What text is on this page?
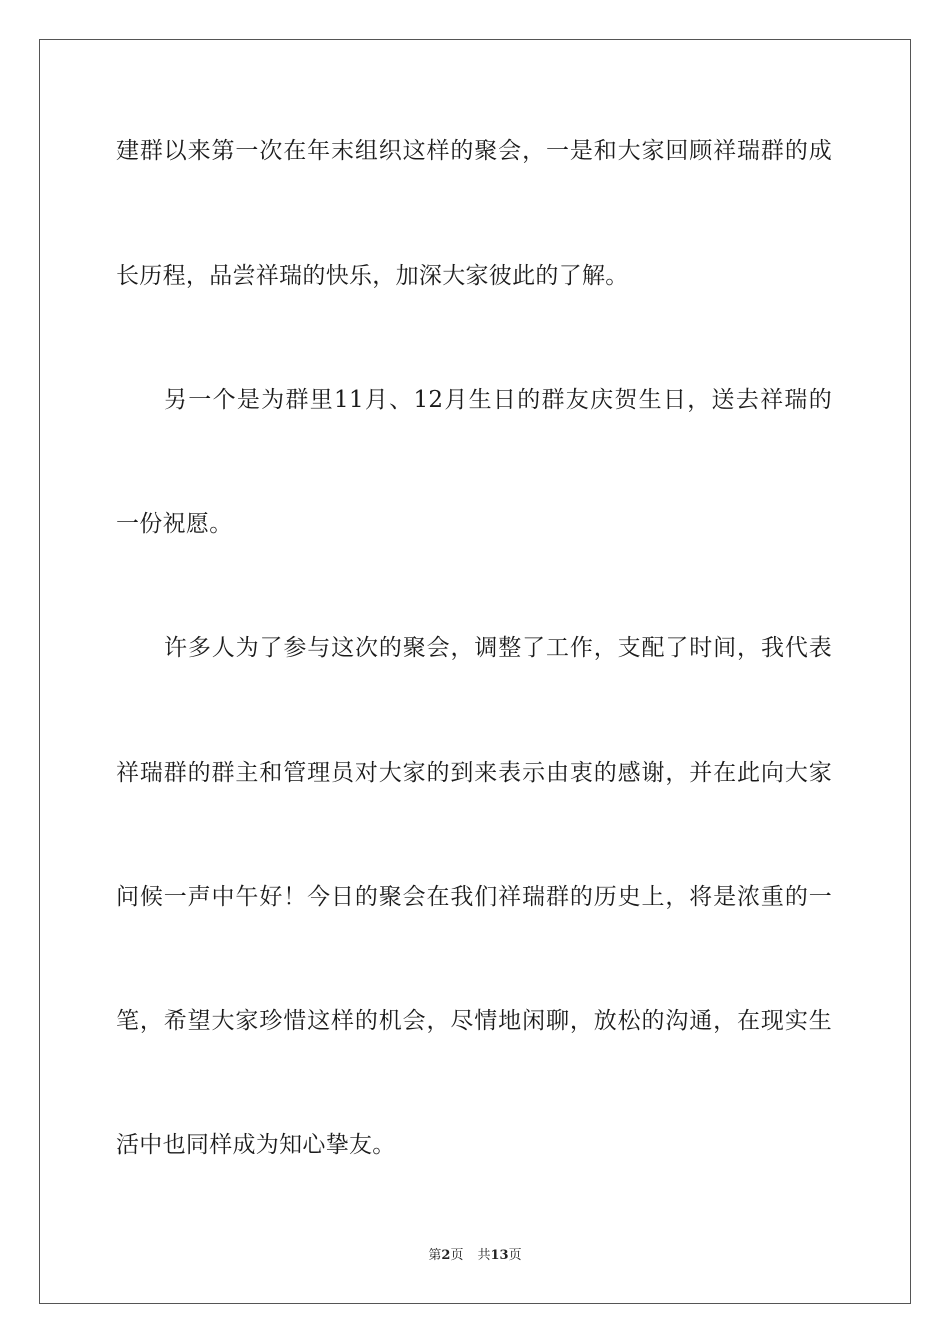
建群以来第一次在年末组织这样的聚会，一是和大家回顾祥瑞群的成
长历程，品尝祥瑞的快乐，加深大家彼此的了解。
另一个是为群里11月、12月生日的群友庆贺生日，送去祥瑞的
一份祝愿。
许多人为了参与这次的聚会，调整了工作，支配了时间，我代表
祥瑞群的群主和管理员对大家的到来表示由衷的感谢，并在此向大家
问候一声中午好！今日的聚会在我们祥瑞群的历史上，将是浓重的一
笔，希望大家珍惜这样的机会，尽情地闲聊，放松的沟通，在现实生
活中也同样成为知心挚友。
第2页 共13页
